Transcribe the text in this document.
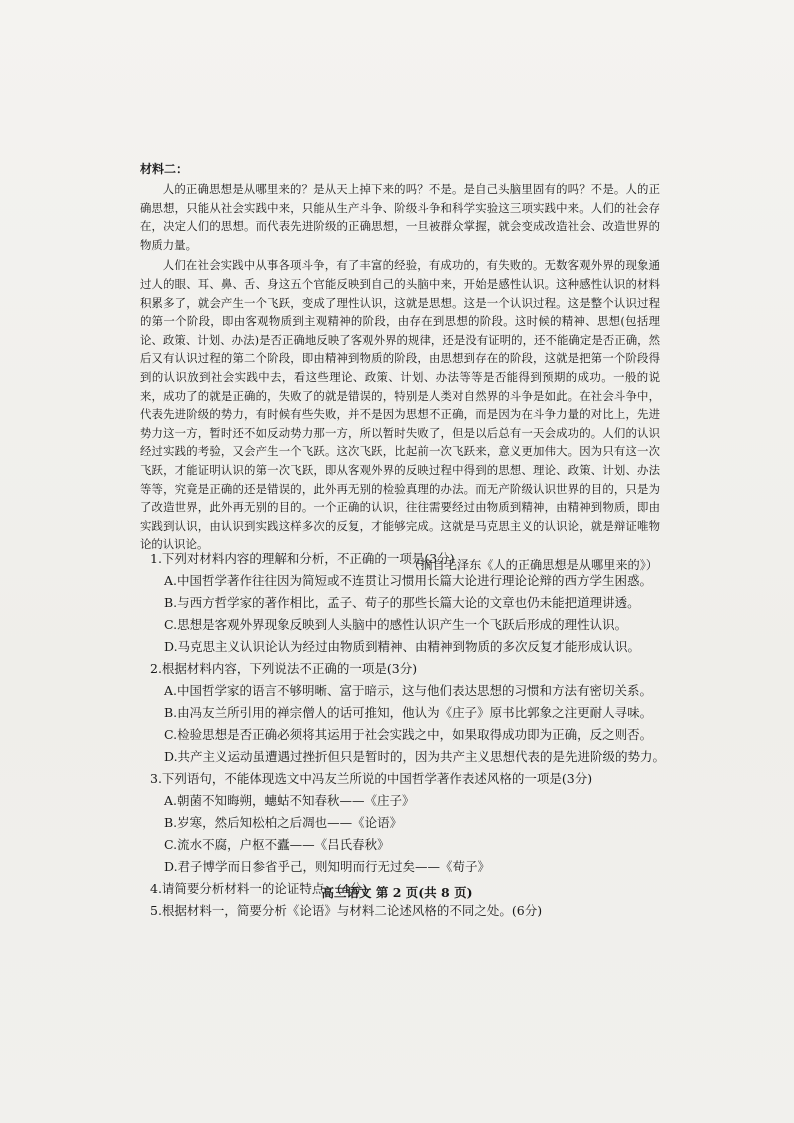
材料二：

人的正确思想是从哪里来的？是从天上掉下来的吗？不是。是自己头脑里固有的吗？不是。人的正确思想，只能从社会实践中来，只能从生产斗争、阶级斗争和科学实验这三项实践中来。人们的社会存在，决定人们的思想。而代表先进阶级的正确思想，一旦被群众掌握，就会变成改造社会、改造世界的物质力量。

人们在社会实践中从事各项斗争，有了丰富的经验，有成功的，有失败的。无数客观外界的现象通过人的眼、耳、鼻、舌、身这五个官能反映到自己的头脑中来，开始是感性认识。这种感性认识的材料积累多了，就会产生一个飞跃，变成了理性认识，这就是思想。这是一个认识过程。这是整个认识过程的第一个阶段，即由客观物质到主观精神的阶段，由存在到思想的阶段。这时候的精神、思想(包括理论、政策、计划、办法)是否正确地反映了客观外界的规律，还是没有证明的，还不能确定是否正确，然后又有认识过程的第二个阶段，即由精神到物质的阶段，由思想到存在的阶段，这就是把第一个阶段得到的认识放到社会实践中去，看这些理论、政策、计划、办法等等是否能得到预期的成功。一般的说来，成功了的就是正确的，失败了的就是错误的，特别是人类对自然界的斗争是如此。在社会斗争中，代表先进阶级的势力，有时候有些失败，并不是因为思想不正确，而是因为在斗争力量的对比上，先进势力这一方，暂时还不如反动势力那一方，所以暂时失败了，但是以后总有一天会成功的。人们的认识经过实践的考验，又会产生一个飞跃。这次飞跃，比起前一次飞跃来，意义更加伟大。因为只有这一次飞跃，才能证明认识的第一次飞跃，即从客观外界的反映过程中得到的思想、理论、政策、计划、办法等等，究竟是正确的还是错误的，此外再无别的检验真理的办法。而无产阶级认识世界的目的，只是为了改造世界，此外再无别的目的。一个正确的认识，往往需要经过由物质到精神，由精神到物质，即由实践到认识，由认识到实践这样多次的反复，才能够完成。这就是马克思主义的认识论，就是辩证唯物论的认识论。

（摘自毛泽东《人的正确思想是从哪里来的》）

1.下列对材料内容的理解和分析，不正确的一项是(3分)

A.中国哲学著作往往因为简短或不连贯让习惯用长篇大论进行理论论辩的西方学生困惑。
B.与西方哲学家的著作相比，孟子、荀子的那些长篇大论的文章也仍未能把道理讲透。
C.思想是客观外界现象反映到人头脑中的感性认识产生一个飞跃后形成的理性认识。
D.马克思主义认识论认为经过由物质到精神、由精神到物质的多次反复才能形成认识。

2.根据材料内容，下列说法不正确的一项是(3分)

A.中国哲学家的语言不够明晰、富于暗示，这与他们表达思想的习惯和方法有密切关系。
B.由冯友兰所引用的禅宗僧人的话可推知，他认为《庄子》原书比郭象之注更耐人寻味。
C.检验思想是否正确必须将其运用于社会实践之中，如果取得成功即为正确，反之则否。
D.共产主义运动虽遭遇过挫折但只是暂时的，因为共产主义思想代表的是先进阶级的势力。

3.下列语句，不能体现选文中冯友兰所说的中国哲学著作表述风格的一项是(3分)

A.朝菌不知晦朔，蟪蛄不知春秋——《庄子》
B.岁寒，然后知松柏之后凋也——《论语》
C.流水不腐，户枢不蠹——《吕氏春秋》
D.君子博学而日参省乎己，则知明而行无过矣——《荀子》

4.请简要分析材料一的论证特点。(4分)

5.根据材料一，简要分析《论语》与材料二论述风格的不同之处。(6分)

高三语文 第 2 页(共 8 页)
